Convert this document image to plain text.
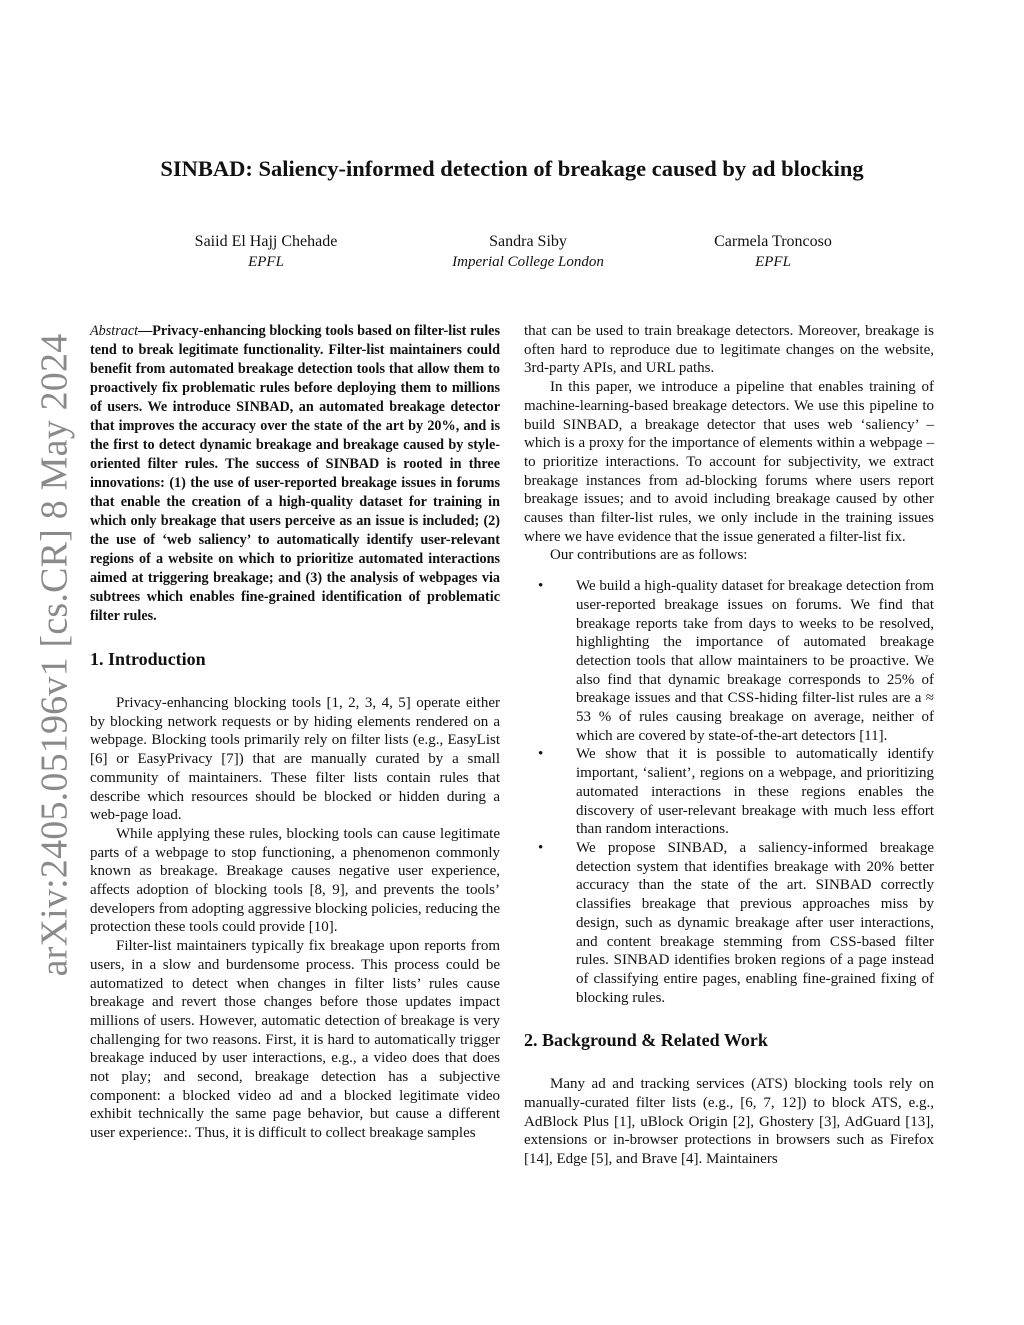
arXiv:2405.05196v1 [cs.CR] 8 May 2024
SINBAD: Saliency-informed detection of breakage caused by ad blocking
Saiid El Hajj Chehade
EPFL
Sandra Siby
Imperial College London
Carmela Troncoso
EPFL

Abstract—Privacy-enhancing blocking tools based on filter-list rules tend to break legitimate functionality. Filter-list maintainers could benefit from automated breakage detection tools that allow them to proactively fix problematic rules before deploying them to millions of users. We introduce SINBAD, an automated breakage detector that improves the accuracy over the state of the art by 20%, and is the first to detect dynamic breakage and breakage caused by style-oriented filter rules. The success of SINBAD is rooted in three innovations: (1) the use of user-reported breakage issues in forums that enable the creation of a high-quality dataset for training in which only breakage that users perceive as an issue is included; (2) the use of ‘web saliency’ to automatically identify user-relevant regions of a website on which to prioritize automated interactions aimed at triggering breakage; and (3) the analysis of webpages via subtrees which enables fine-grained identification of problematic filter rules.

1. Introduction

Privacy-enhancing blocking tools [1, 2, 3, 4, 5] operate either by blocking network requests or by hiding elements rendered on a webpage. Blocking tools primarily rely on filter lists (e.g., EasyList [6] or EasyPrivacy [7]) that are manually curated by a small community of maintainers. These filter lists contain rules that describe which resources should be blocked or hidden during a web-page load.

While applying these rules, blocking tools can cause legitimate parts of a webpage to stop functioning, a phenomenon commonly known as breakage. Breakage causes negative user experience, affects adoption of blocking tools [8, 9], and prevents the tools’ developers from adopting aggressive blocking policies, reducing the protection these tools could provide [10].

Filter-list maintainers typically fix breakage upon reports from users, in a slow and burdensome process. This process could be automatized to detect when changes in filter lists’ rules cause breakage and revert those changes before those updates impact millions of users. However, automatic detection of breakage is very challenging for two reasons. First, it is hard to automatically trigger breakage induced by user interactions, e.g., a video does that does not play; and second, breakage detection has a subjective component: a blocked video ad and a blocked legitimate video exhibit technically the same page behavior, but cause a different user experience:. Thus, it is difficult to collect breakage samples

that can be used to train breakage detectors. Moreover, breakage is often hard to reproduce due to legitimate changes on the website, 3rd-party APIs, and URL paths.

In this paper, we introduce a pipeline that enables training of machine-learning-based breakage detectors. We use this pipeline to build SINBAD, a breakage detector that uses web ‘saliency’ – which is a proxy for the importance of elements within a webpage – to prioritize interactions. To account for subjectivity, we extract breakage instances from ad-blocking forums where users report breakage issues; and to avoid including breakage caused by other causes than filter-list rules, we only include in the training issues where we have evidence that the issue generated a filter-list fix.

Our contributions are as follows:

• We build a high-quality dataset for breakage detection from user-reported breakage issues on forums. We find that breakage reports take from days to weeks to be resolved, highlighting the importance of automated breakage detection tools that allow maintainers to be proactive. We also find that dynamic breakage corresponds to 25% of breakage issues and that CSS-hiding filter-list rules are a ≈ 53 % of rules causing breakage on average, neither of which are covered by state-of-the-art detectors [11].
• We show that it is possible to automatically identify important, ‘salient’, regions on a webpage, and prioritizing automated interactions in these regions enables the discovery of user-relevant breakage with much less effort than random interactions.
• We propose SINBAD, a saliency-informed breakage detection system that identifies breakage with 20% better accuracy than the state of the art. SINBAD correctly classifies breakage that previous approaches miss by design, such as dynamic breakage after user interactions, and content breakage stemming from CSS-based filter rules. SINBAD identifies broken regions of a page instead of classifying entire pages, enabling fine-grained fixing of blocking rules.
2. Background & Related Work

Many ad and tracking services (ATS) blocking tools rely on manually-curated filter lists (e.g., [6, 7, 12]) to block ATS, e.g., AdBlock Plus [1], uBlock Origin [2], Ghostery [3], AdGuard [13], extensions or in-browser protections in browsers such as Firefox [14], Edge [5], and Brave [4]. Maintainers
